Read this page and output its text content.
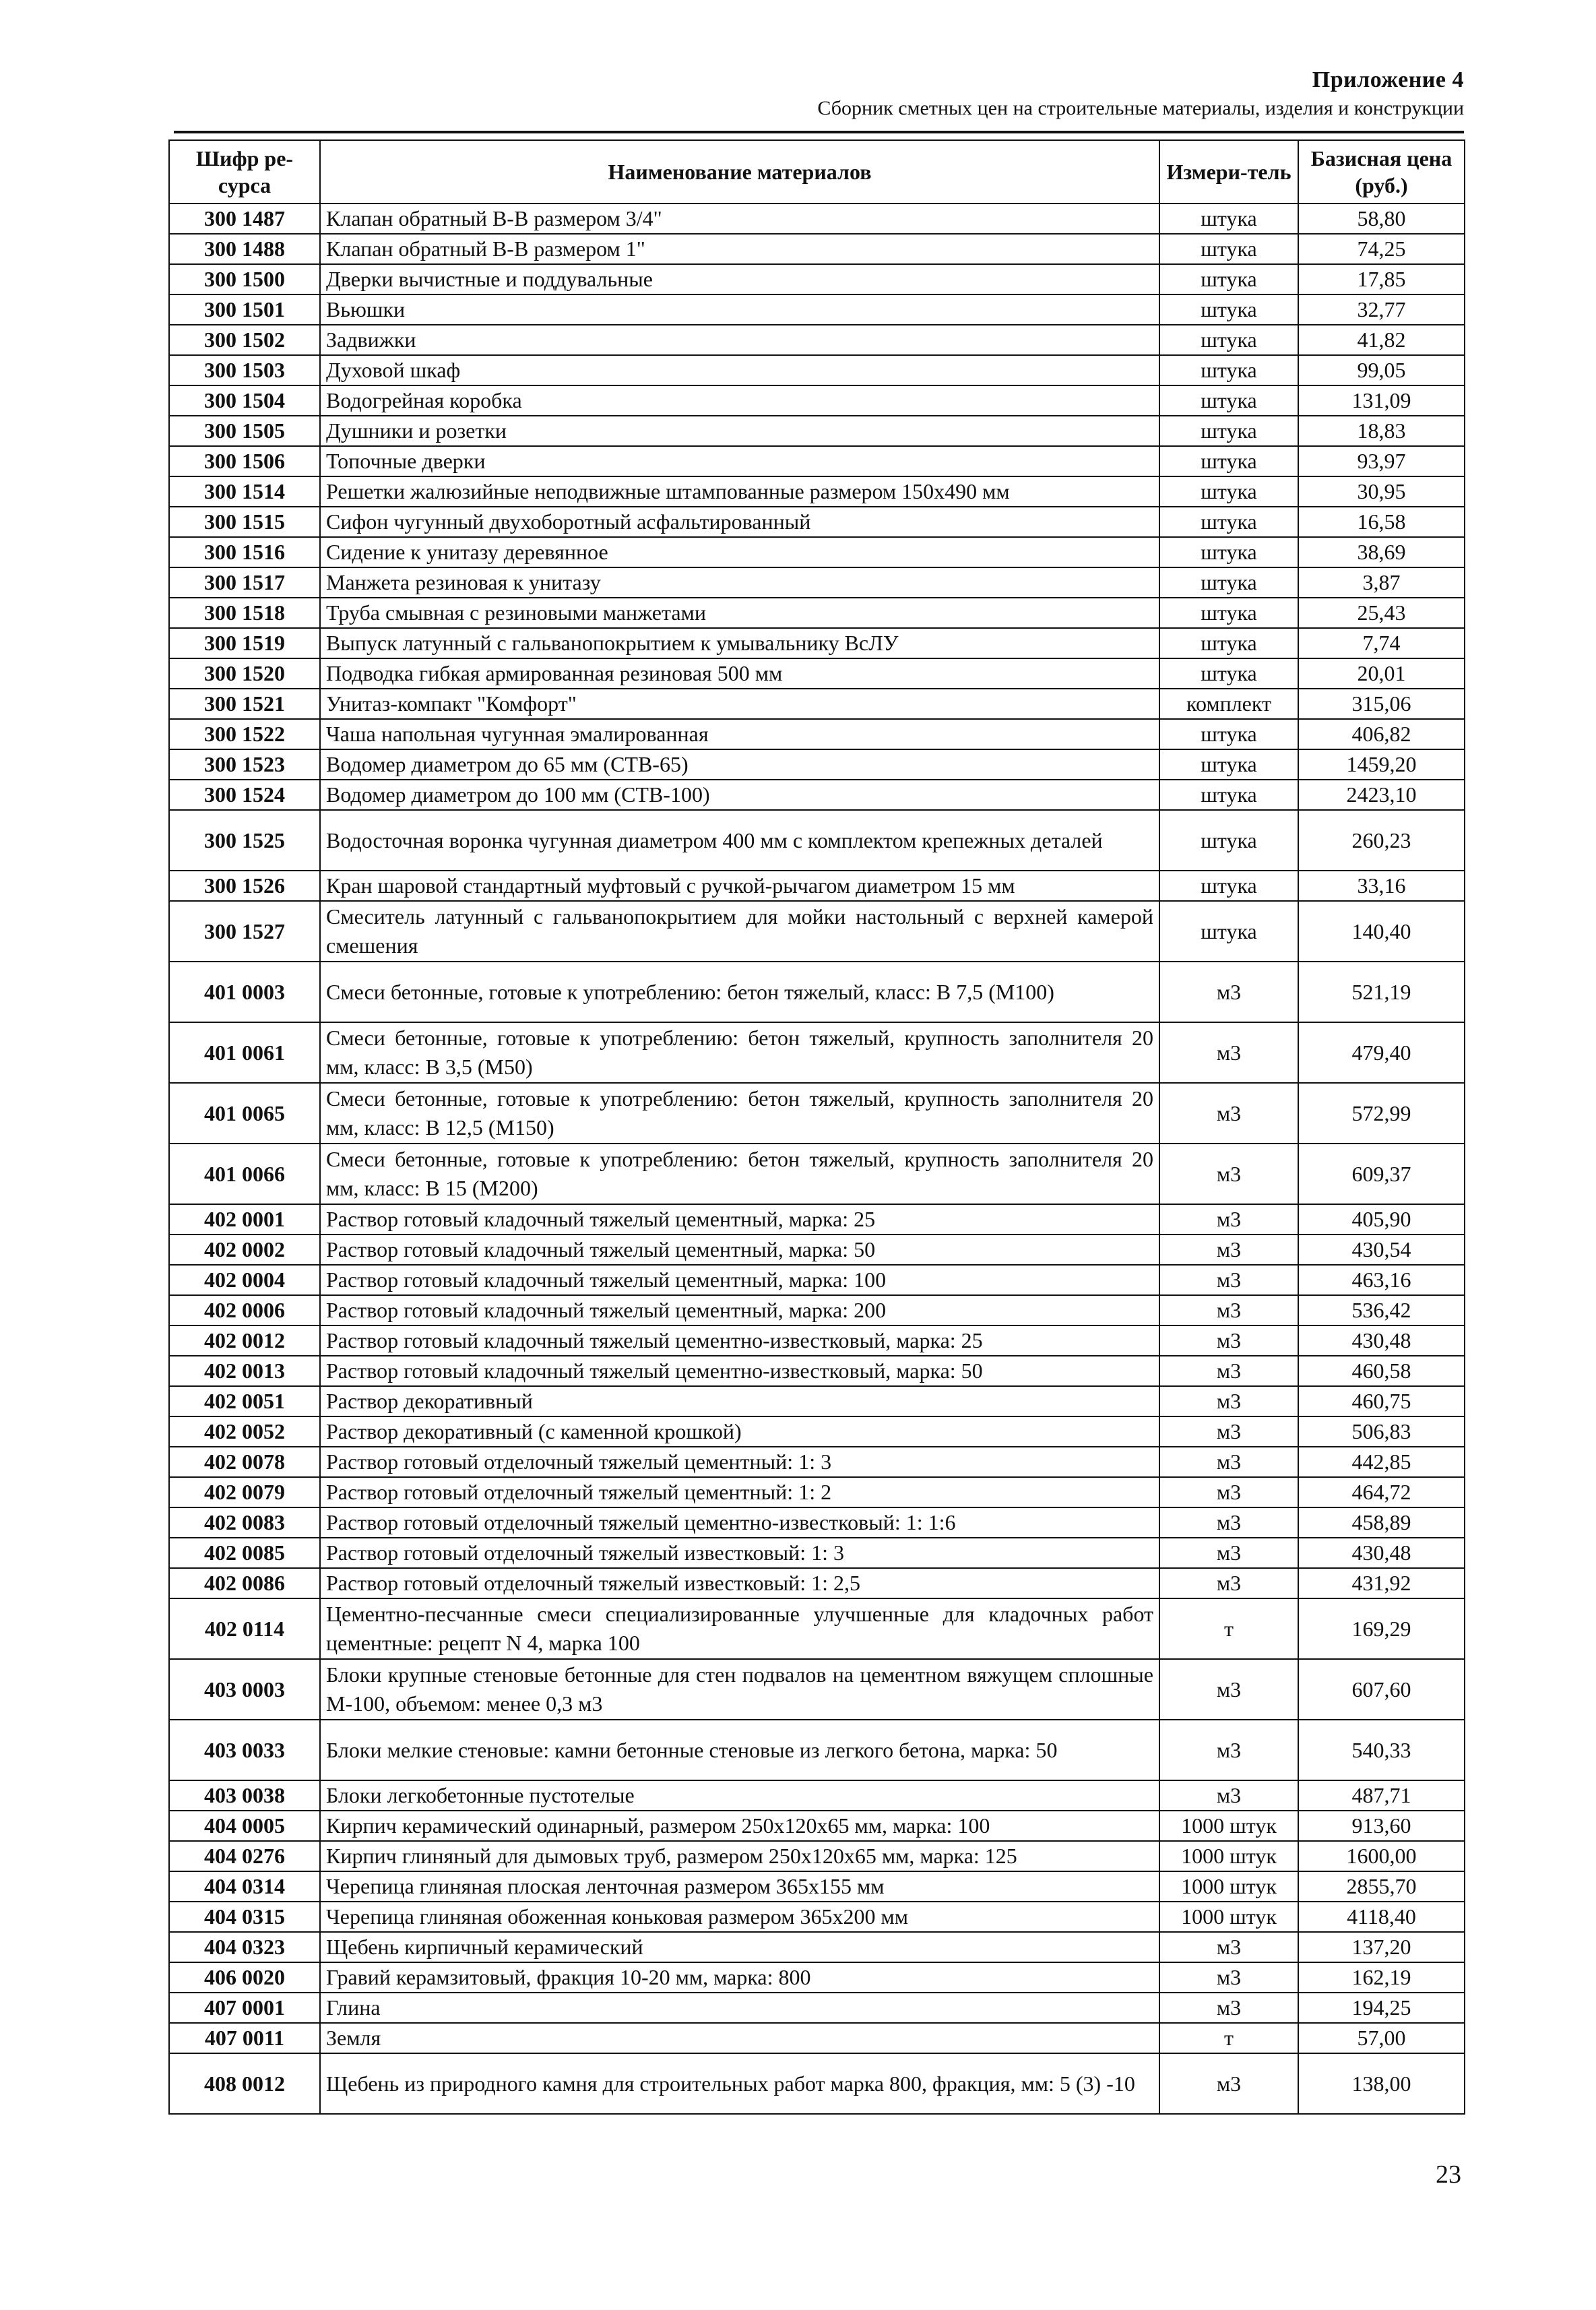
Приложение 4
Сборник сметных цен на строительные материалы, изделия и конструкции
Шифр ре-сурса	Наименование материалов	Измери-тель	Базисная цена (руб.)
300 1487	Клапан обратный В-В размером 3/4"	штука	58,80
300 1488	Клапан обратный В-В размером 1"	штука	74,25
300 1500	Дверки вычистные и поддувальные	штука	17,85
300 1501	Вьюшки	штука	32,77
300 1502	Задвижки	штука	41,82
300 1503	Духовой шкаф	штука	99,05
300 1504	Водогрейная коробка	штука	131,09
300 1505	Душники и розетки	штука	18,83
300 1506	Топочные дверки	штука	93,97
300 1514	Решетки жалюзийные неподвижные штампованные размером 150х490 мм	штука	30,95
300 1515	Сифон чугунный двухоборотный асфальтированный	штука	16,58
300 1516	Сидение к унитазу деревянное	штука	38,69
300 1517	Манжета резиновая к унитазу	штука	3,87
300 1518	Труба смывная с резиновыми манжетами	штука	25,43
300 1519	Выпуск латунный с гальванопокрытием к умывальнику ВсЛУ	штука	7,74
300 1520	Подводка гибкая армированная резиновая 500 мм	штука	20,01
300 1521	Унитаз-компакт "Комфорт"	комплект	315,06
300 1522	Чаша напольная чугунная эмалированная	штука	406,82
300 1523	Водомер диаметром до 65 мм (СТВ-65)	штука	1459,20
300 1524	Водомер диаметром до 100 мм (СТВ-100)	штука	2423,10
300 1525	Водосточная воронка чугунная диаметром 400 мм с комплектом крепежных деталей	штука	260,23
300 1526	Кран шаровой стандартный муфтовый с ручкой-рычагом диаметром 15 мм	штука	33,16
300 1527	Смеситель латунный с гальванопокрытием для мойки настольный с верхней камерой смешения	штука	140,40
401 0003	Смеси бетонные, готовые к употреблению: бетон тяжелый, класс: В 7,5 (М100)	м3	521,19
401 0061	Смеси бетонные, готовые к употреблению: бетон тяжелый, крупность заполнителя 20 мм, класс: В 3,5 (М50)	м3	479,40
401 0065	Смеси бетонные, готовые к употреблению: бетон тяжелый, крупность заполнителя 20 мм, класс: В 12,5 (М150)	м3	572,99
401 0066	Смеси бетонные, готовые к употреблению: бетон тяжелый, крупность заполнителя 20 мм, класс: В 15 (М200)	м3	609,37
402 0001	Раствор готовый кладочный тяжелый цементный, марка: 25	м3	405,90
402 0002	Раствор готовый кладочный тяжелый цементный, марка: 50	м3	430,54
402 0004	Раствор готовый кладочный тяжелый цементный, марка: 100	м3	463,16
402 0006	Раствор готовый кладочный тяжелый цементный, марка: 200	м3	536,42
402 0012	Раствор готовый кладочный тяжелый цементно-известковый, марка: 25	м3	430,48
402 0013	Раствор готовый кладочный тяжелый цементно-известковый, марка: 50	м3	460,58
402 0051	Раствор декоративный	м3	460,75
402 0052	Раствор декоративный (с каменной крошкой)	м3	506,83
402 0078	Раствор готовый отделочный тяжелый цементный: 1: 3	м3	442,85
402 0079	Раствор готовый отделочный тяжелый цементный: 1: 2	м3	464,72
402 0083	Раствор готовый отделочный тяжелый цементно-известковый: 1: 1:6	м3	458,89
402 0085	Раствор готовый отделочный тяжелый известковый: 1: 3	м3	430,48
402 0086	Раствор готовый отделочный тяжелый известковый: 1: 2,5	м3	431,92
402 0114	Цементно-песчанные смеси специализированные улучшенные для кладочных работ цементные: рецепт N 4, марка 100	т	169,29
403 0003	Блоки крупные стеновые бетонные для стен подвалов на цементном вяжущем сплошные М-100, объемом: менее 0,3 м3	м3	607,60
403 0033	Блоки мелкие стеновые: камни бетонные стеновые из легкого бетона, марка: 50	м3	540,33
403 0038	Блоки легкобетонные пустотелые	м3	487,71
404 0005	Кирпич керамический одинарный, размером 250х120х65 мм, марка: 100	1000 штук	913,60
404 0276	Кирпич глиняный для дымовых труб, размером 250х120х65 мм, марка: 125	1000 штук	1600,00
404 0314	Черепица глиняная плоская ленточная размером 365х155 мм	1000 штук	2855,70
404 0315	Черепица глиняная обоженная коньковая размером 365х200 мм	1000 штук	4118,40
404 0323	Щебень кирпичный керамический	м3	137,20
406 0020	Гравий керамзитовый, фракция 10-20 мм, марка: 800	м3	162,19
407 0001	Глина	м3	194,25
407 0011	Земля	т	57,00
408 0012	Щебень из природного камня для строительных работ марка 800, фракция, мм: 5 (3) -10	м3	138,00
23
